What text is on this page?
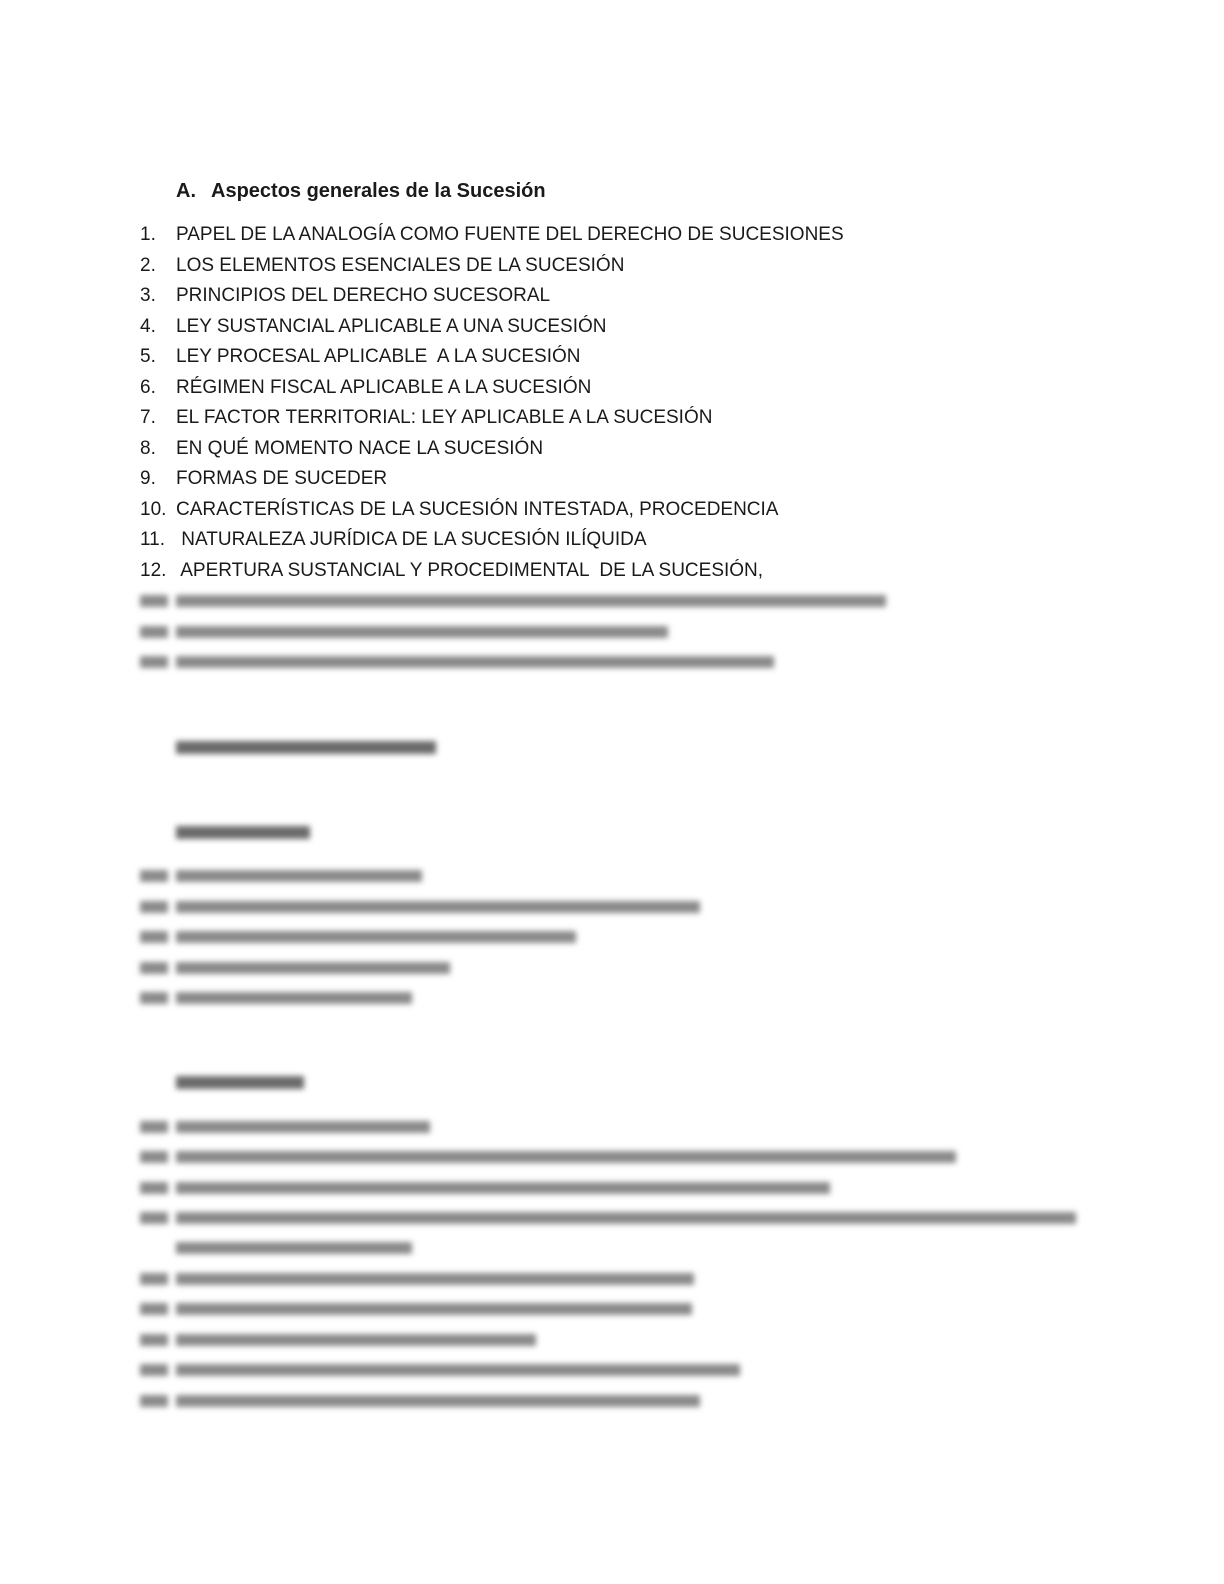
A. Aspectos generales de la Sucesión
1.	PAPEL DE LA ANALOGÍA COMO FUENTE DEL DERECHO DE SUCESIONES
2.	LOS ELEMENTOS ESENCIALES DE LA SUCESIÓN
3.	PRINCIPIOS DEL DERECHO SUCESORAL
4.	LEY SUSTANCIAL APLICABLE A UNA SUCESIÓN
5.	LEY PROCESAL APLICABLE  A LA SUCESIÓN
6.	RÉGIMEN FISCAL APLICABLE A LA SUCESIÓN
7.	EL FACTOR TERRITORIAL: LEY APLICABLE A LA SUCESIÓN
8.	EN QUÉ MOMENTO NACE LA SUCESIÓN
9.	FORMAS DE SUCEDER
10. CARACTERÍSTICAS DE LA SUCESIÓN INTESTADA, PROCEDENCIA
11. NATURALEZA JURÍDICA DE LA SUCESIÓN ILÍQUIDA
12. APERTURA SUSTANCIAL Y PROCEDIMENTAL  DE LA SUCESIÓN,
